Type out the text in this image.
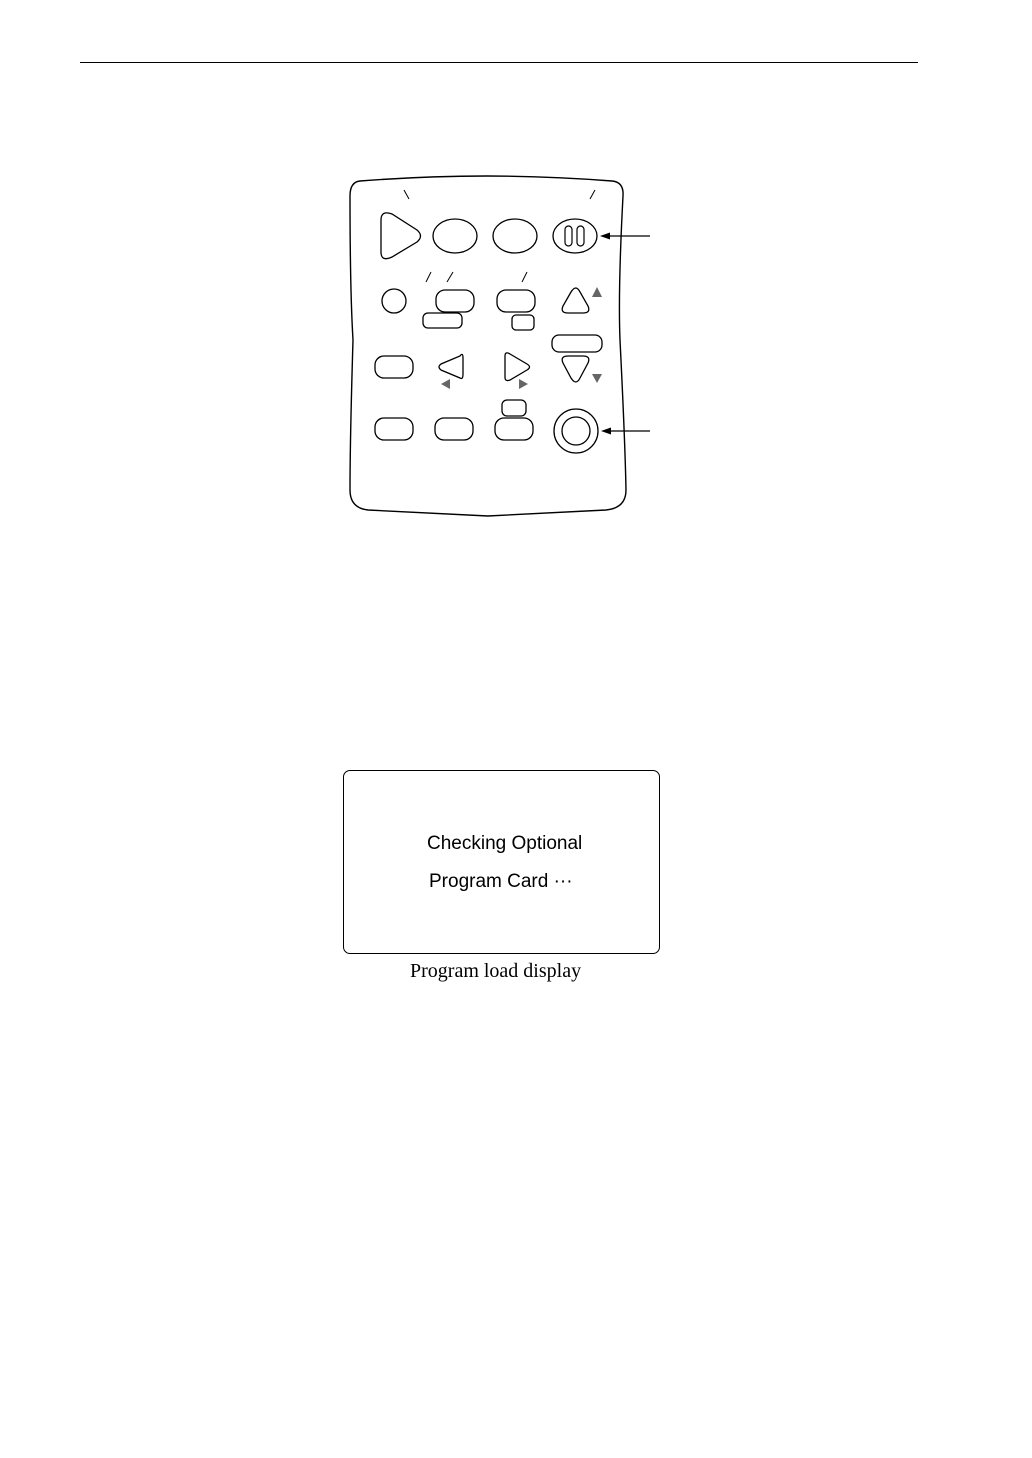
Checking Optional
Program Card ···
Program load display
